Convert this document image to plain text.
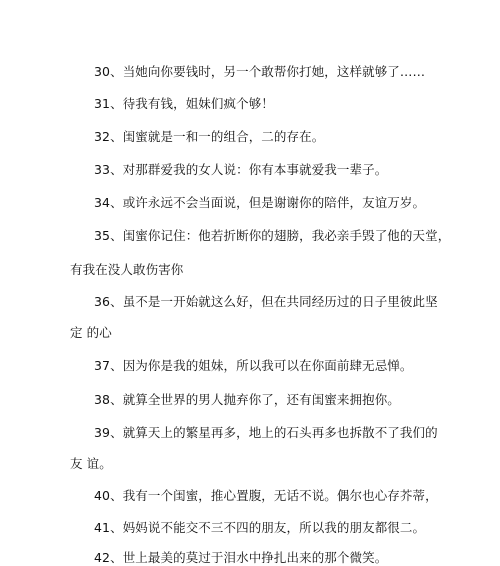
30、当她向你要钱时，另一个敢帮你打她，这样就够了……
31、待我有钱，姐妹们疯个够！
32、闺蜜就是一和一的组合，二的存在。
33、对那群爱我的女人说：你有本事就爱我一辈子。
34、或许永远不会当面说，但是谢谢你的陪伴，友谊万岁。
35、闺蜜你记住：他若折断你的翅膀，我必亲手毁了他的天堂，
有我在没人敢伤害你
36、虽不是一开始就这么好，但在共同经历过的日子里彼此坚
定 的心
37、因为你是我的姐妹，所以我可以在你面前肆无忌惮。
38、就算全世界的男人抛弃你了，还有闺蜜来拥抱你。
39、就算天上的繁星再多，地上的石头再多也拆散不了我们的
友 谊。
40、我有一个闺蜜，推心置腹，无话不说。偶尔也心存芥蒂，
41、妈妈说不能交不三不四的朋友，所以我的朋友都很二。
42、世上最美的莫过于泪水中挣扎出来的那个微笑。
